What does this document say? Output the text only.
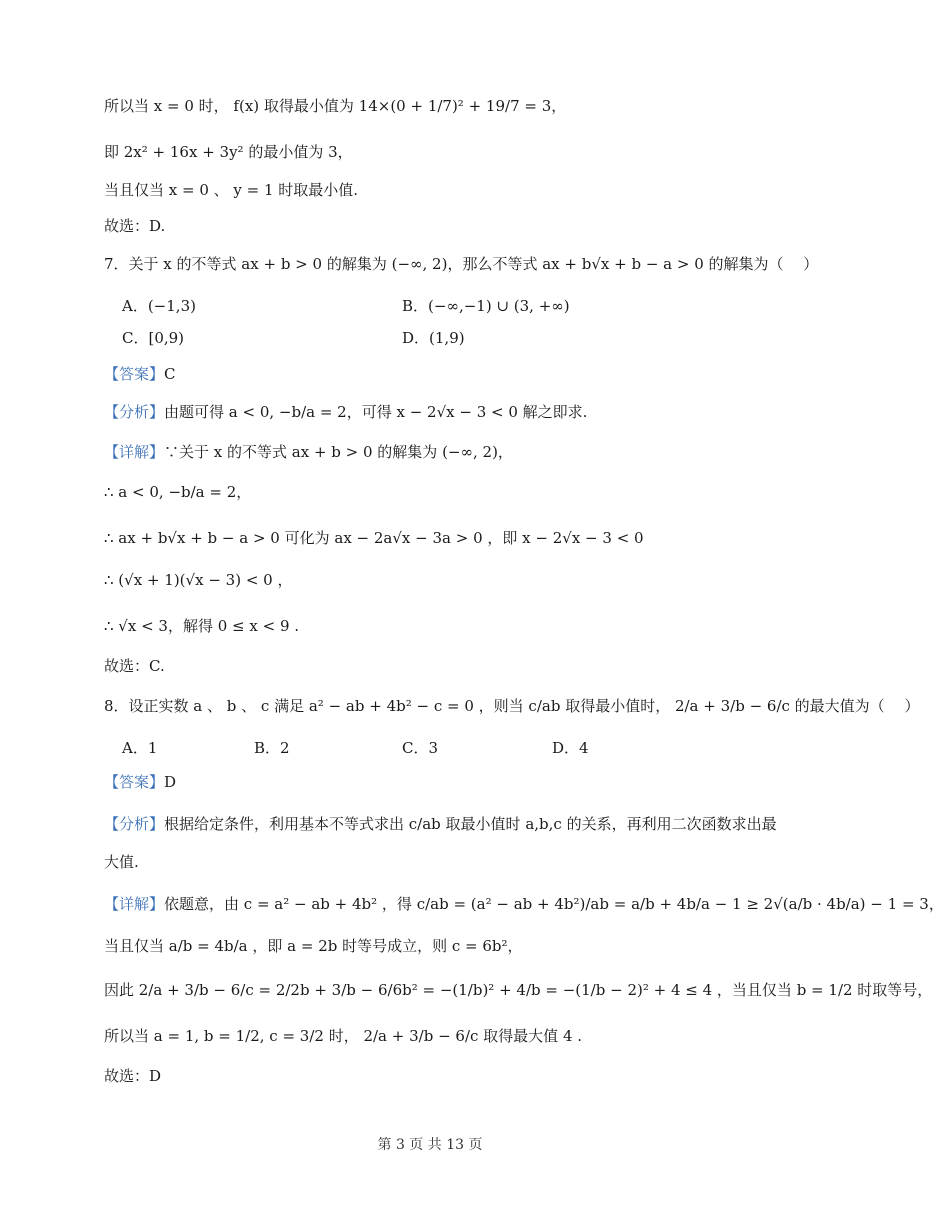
所以当 x = 0 时， f(x) 取得最小值为 14×(0 + 1/7)² + 19/7 = 3，
即 2x² + 16x + 3y² 的最小值为 3，
当且仅当 x = 0 、 y = 1 时取最小值.
故选：D.
7．关于 x 的不等式 ax + b > 0 的解集为 (−∞, 2)，那么不等式 ax + b√x + b − a > 0 的解集为（　 ）
A．(−1,3)	B．(−∞,−1) ∪ (3, +∞)
C．[0,9)	D．(1,9)
【答案】C
【分析】由题可得 a < 0, −b/a = 2，可得 x − 2√x − 3 < 0 解之即求.
【详解】∵关于 x 的不等式 ax + b > 0 的解集为 (−∞, 2)，
∴ a < 0, −b/a = 2，
∴ ax + b√x + b − a > 0 可化为 ax − 2a√x − 3a > 0 ，即 x − 2√x − 3 < 0
∴ (√x + 1)(√x − 3) < 0 ，
∴ √x < 3，解得 0 ≤ x < 9 .
故选：C.
8．设正实数 a 、 b 、 c 满足 a² − ab + 4b² − c = 0 ，则当 c/ab 取得最小值时， 2/a + 3/b − 6/c 的最大值为（　 ）
A．1	B．2	C．3	D．4
【答案】D
【分析】根据给定条件，利用基本不等式求出 c/ab 取最小值时 a,b,c 的关系，再利用二次函数求出最
大值.
【详解】依题意，由 c = a² − ab + 4b² ，得 c/ab = (a² − ab + 4b²)/ab = a/b + 4b/a − 1 ≥ 2√(a/b · 4b/a) − 1 = 3，
当且仅当 a/b = 4b/a ，即 a = 2b 时等号成立，则 c = 6b²，
因此 2/a + 3/b − 6/c = 2/2b + 3/b − 6/6b² = −(1/b)² + 4/b = −(1/b − 2)² + 4 ≤ 4 ，当且仅当 b = 1/2 时取等号，
所以当 a = 1, b = 1/2, c = 3/2 时， 2/a + 3/b − 6/c 取得最大值 4 .
故选：D
第 3 页 共 13 页
